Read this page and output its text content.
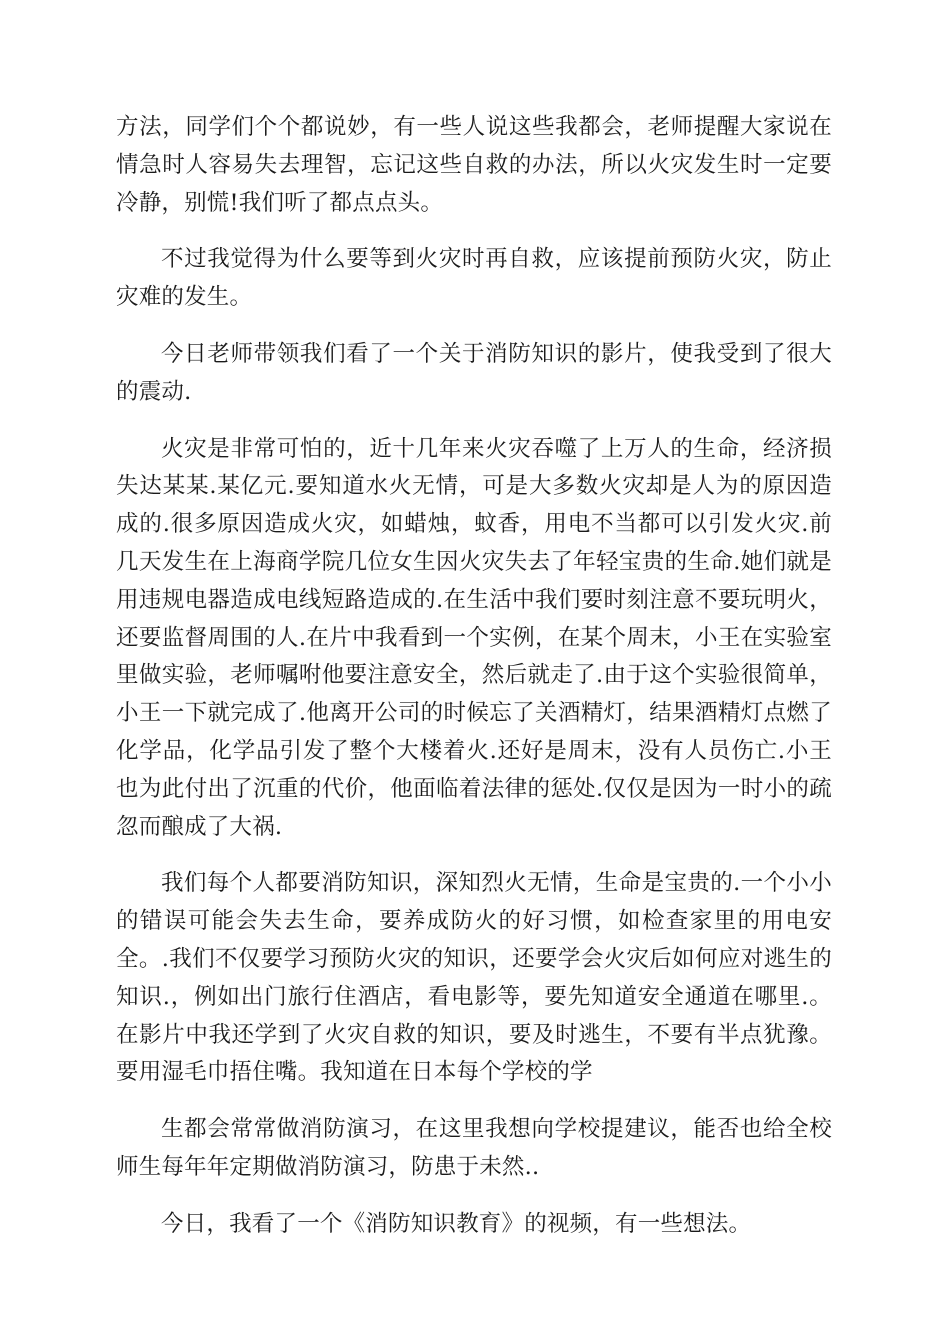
方法，同学们个个都说妙，有一些人说这些我都会，老师提醒大家说在情急时人容易失去理智，忘记这些自救的办法，所以火灾发生时一定要冷静，别慌!我们听了都点点头。

不过我觉得为什么要等到火灾时再自救，应该提前预防火灾，防止灾难的发生。

今日老师带领我们看了一个关于消防知识的影片，使我受到了很大的震动.

火灾是非常可怕的，近十几年来火灾吞噬了上万人的生命，经济损失达某某.某亿元.要知道水火无情，可是大多数火灾却是人为的原因造成的.很多原因造成火灾，如蜡烛，蚊香，用电不当都可以引发火灾.前几天发生在上海商学院几位女生因火灾失去了年轻宝贵的生命.她们就是用违规电器造成电线短路造成的.在生活中我们要时刻注意不要玩明火，还要监督周围的人.在片中我看到一个实例，在某个周末，小王在实验室里做实验，老师嘱咐他要注意安全，然后就走了.由于这个实验很简单，小王一下就完成了.他离开公司的时候忘了关酒精灯，结果酒精灯点燃了化学品，化学品引发了整个大楼着火.还好是周末，没有人员伤亡.小王也为此付出了沉重的代价，他面临着法律的惩处.仅仅是因为一时小的疏忽而酿成了大祸.

我们每个人都要消防知识，深知烈火无情，生命是宝贵的.一个小小的错误可能会失去生命，要养成防火的好习惯，如检查家里的用电安全。.我们不仅要学习预防火灾的知识，还要学会火灾后如何应对逃生的知识.，例如出门旅行住酒店，看电影等，要先知道安全通道在哪里.。在影片中我还学到了火灾自救的知识，要及时逃生，不要有半点犹豫。要用湿毛巾捂住嘴。我知道在日本每个学校的学

生都会常常做消防演习，在这里我想向学校提建议，能否也给全校师生每年年定期做消防演习，防患于未然..

今日，我看了一个《消防知识教育》的视频，有一些想法。
